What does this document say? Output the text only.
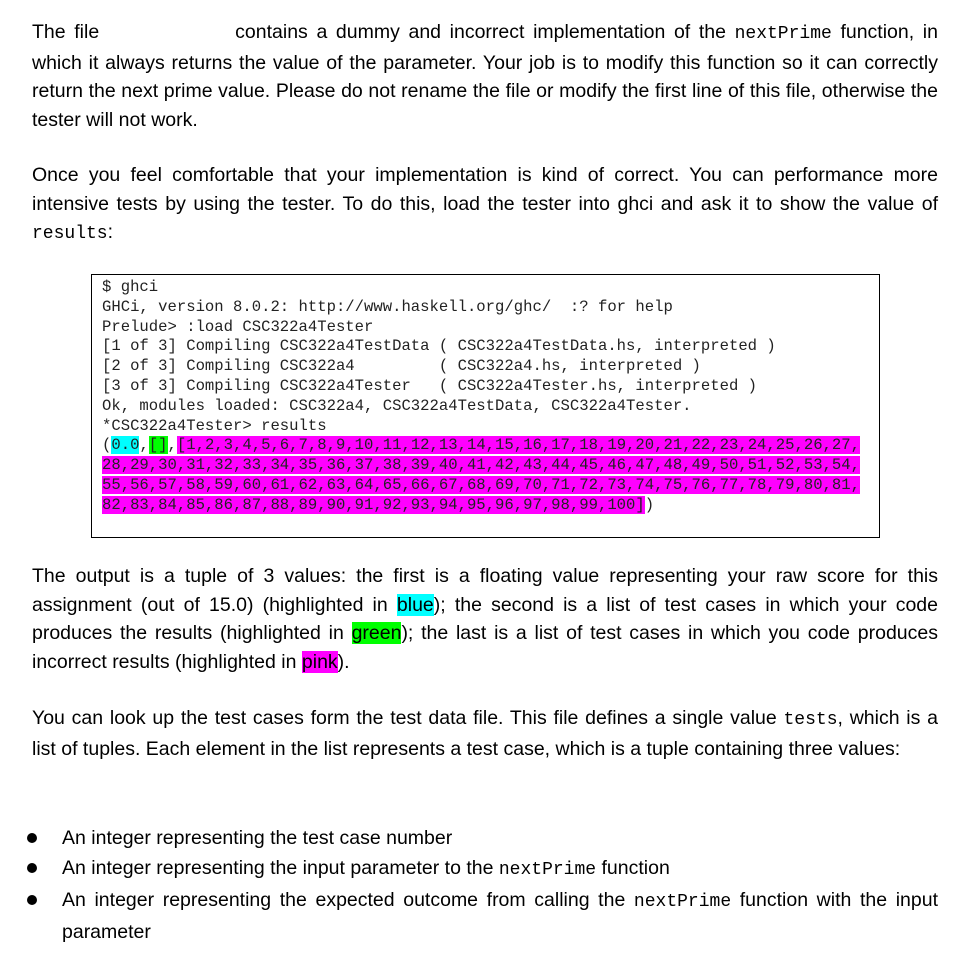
The file	contains a dummy and incorrect implementation of the nextPrime function, in which it always returns the value of the parameter. Your job is to modify this function so it can correctly return the next prime value. Please do not rename the file or modify the first line of this file, otherwise the tester will not work.

Once you feel comfortable that your implementation is kind of correct. You can performance more intensive tests by using the tester. To do this, load the tester into ghci and ask it to show the value of results:

$ ghci
GHCi, version 8.0.2: http://www.haskell.org/ghc/  :? for help
Prelude> :load CSC322a4Tester
[1 of 3] Compiling CSC322a4TestData ( CSC322a4TestData.hs, interpreted )
[2 of 3] Compiling CSC322a4         ( CSC322a4.hs, interpreted )
[3 of 3] Compiling CSC322a4Tester   ( CSC322a4Tester.hs, interpreted )
Ok, modules loaded: CSC322a4, CSC322a4TestData, CSC322a4Tester.
*CSC322a4Tester> results
(0.0,[],[1,2,3,4,5,6,7,8,9,10,11,12,13,14,15,16,17,18,19,20,21,22,23,24,25,26,27,28,29,30,31,32,33,34,35,36,37,38,39,40,41,42,43,44,45,46,47,48,49,50,51,52,53,54,55,56,57,58,59,60,61,62,63,64,65,66,67,68,69,70,71,72,73,74,75,76,77,78,79,80,81,82,83,84,85,86,87,88,89,90,91,92,93,94,95,96,97,98,99,100])

The output is a tuple of 3 values: the first is a floating value representing your raw score for this assignment (out of 15.0) (highlighted in blue); the second is a list of test cases in which your code produces the results (highlighted in green); the last is a list of test cases in which you code produces incorrect results (highlighted in pink).

You can look up the test cases form the test data file. This file defines a single value tests, which is a list of tuples. Each element in the list represents a test case, which is a tuple containing three values:

An integer representing the test case number
An integer representing the input parameter to the nextPrime function
An integer representing the expected outcome from calling the nextPrime function with the input parameter
